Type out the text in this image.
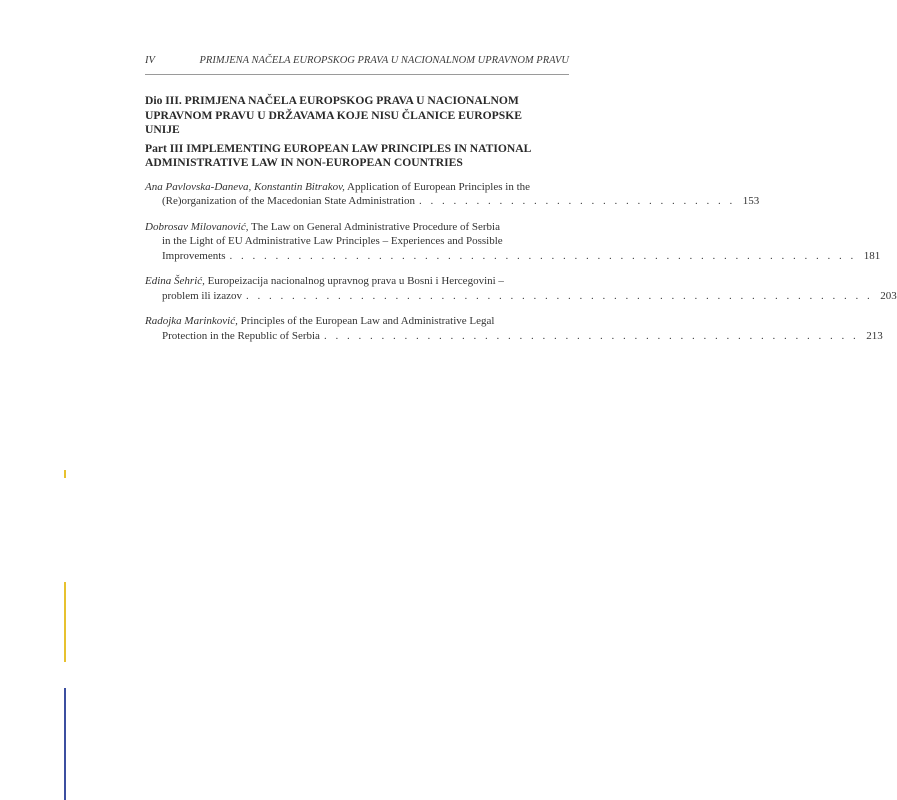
IV	PRIMJENA NAČELA EUROPSKOG PRAVA U NACIONALNOM UPRAVNOM PRAVU
Dio III. PRIMJENA NAČELA EUROPSKOG PRAVA U NACIONALNOM
UPRAVNOM PRAVU U DRŽAVAMA KOJE NISU ČLANICE EUROPSKE
UNIJE
Part III IMPLEMENTING EUROPEAN LAW PRINCIPLES IN NATIONAL
ADMINISTRATIVE LAW IN NON-EUROPEAN COUNTRIES
Ana Pavlovska-Daneva, Konstantin Bitrakov, Application of European Principles in the
(Re)organization of the Macedonian State Administration . . . . . . . . . . . . . . . . . . . . . . . . . . . . 153
Dobrosav Milovanović, The Law on General Administrative Procedure of Serbia
in the Light of EU Administrative Law Principles – Experiences and Possible
Improvements . . . . . . . . . . . . . . . . . . . . . . . . . . . . . . . . . . . . . . . . . . . . . . . . . . . . . . . 181
Edina Šehrić, Europeizacija nacionalnog upravnog prava u Bosni i Hercegovini –
problem ili izazov . . . . . . . . . . . . . . . . . . . . . . . . . . . . . . . . . . . . . . . . . . . . . . . . . . . . . . . 203
Radojka Marinković, Principles of the European Law and Administrative Legal
Protection in the Republic of Serbia . . . . . . . . . . . . . . . . . . . . . . . . . . . . . . . . . . . . . . . . . . . . . . . 213
